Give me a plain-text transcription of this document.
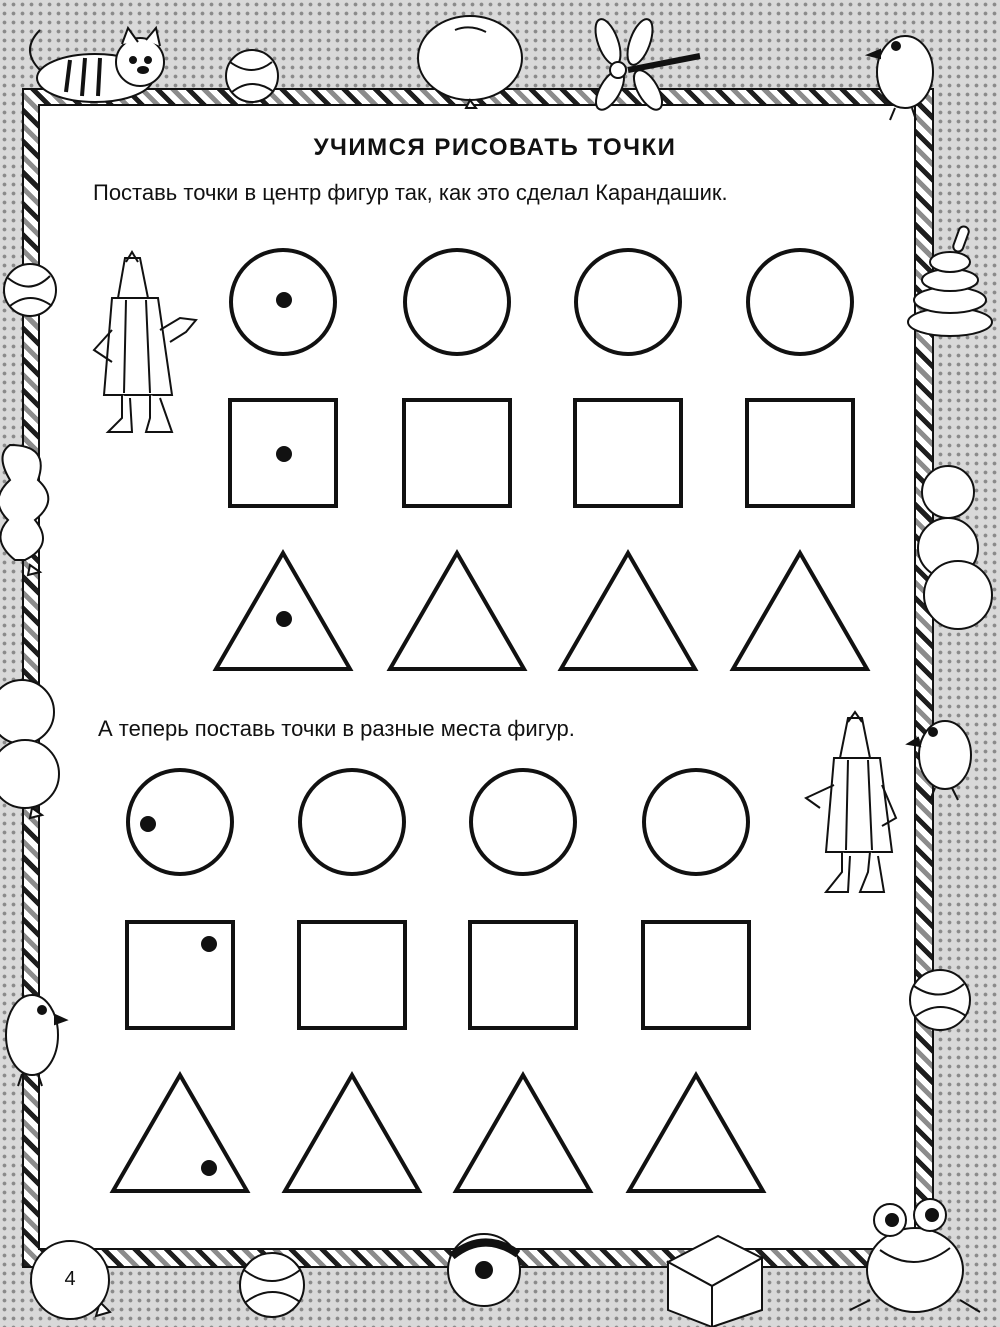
УЧИМСЯ РИСОВАТЬ ТОЧКИ
Поставь точки в центр фигур так, как это сделал Карандашик.
А теперь поставь точки в разные места фигур.
4
